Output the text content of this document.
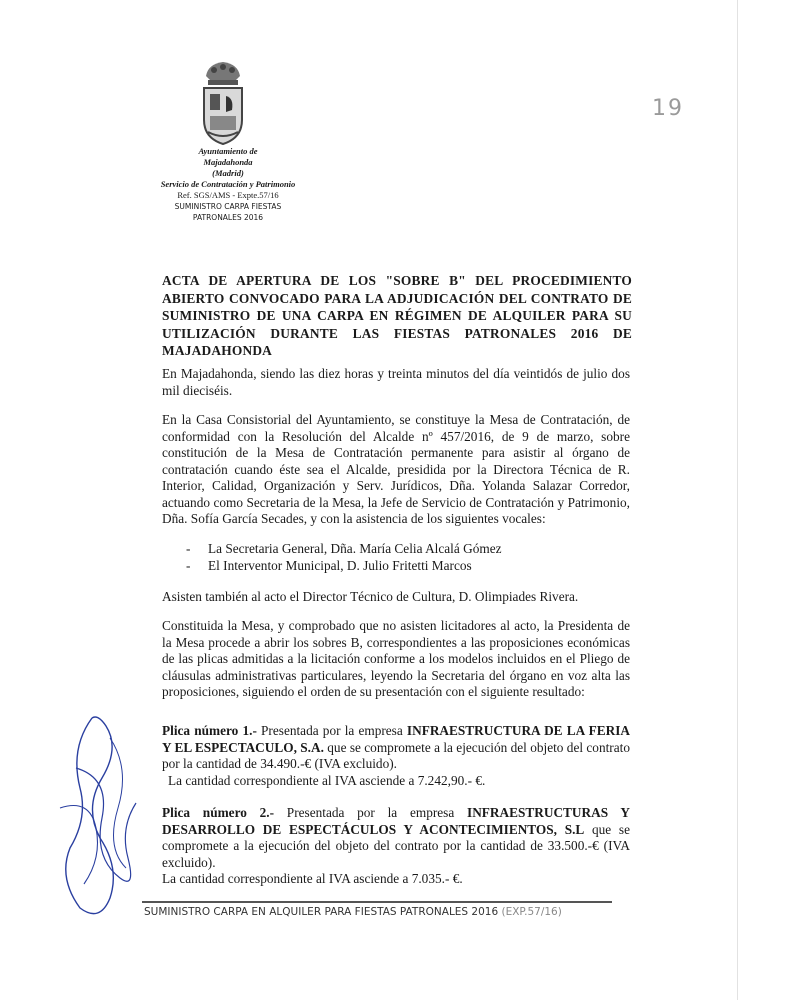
19
Ayuntamiento de
Majadahonda
(Madrid)
Servicio de Contratación y Patrimonio
Ref. SGS/AMS - Expte.57/16
SUMINISTRO CARPA FIESTAS
PATRONALES 2016
ACTA DE APERTURA DE LOS "SOBRE B" DEL PROCEDIMIENTO ABIERTO CONVOCADO PARA LA ADJUDICACIÓN DEL CONTRATO DE SUMINISTRO DE UNA CARPA EN RÉGIMEN DE ALQUILER PARA SU UTILIZACIÓN DURANTE LAS FIESTAS PATRONALES 2016 DE MAJADAHONDA
En Majadahonda, siendo las diez horas y treinta minutos del día veintidós de julio dos mil dieciséis.
En la Casa Consistorial del Ayuntamiento, se constituye la Mesa de Contratación, de conformidad con la Resolución del Alcalde nº 457/2016, de 9 de marzo, sobre constitución de la Mesa de Contratación permanente para asistir al órgano de contratación cuando éste sea el Alcalde, presidida por la Directora Técnica de R. Interior, Calidad, Organización y Serv. Jurídicos, Dña. Yolanda Salazar Corredor, actuando como Secretaria de la Mesa, la Jefe de Servicio de Contratación y Patrimonio, Dña. Sofía García Secades, y con la asistencia de los siguientes vocales:
- La Secretaria General, Dña. María Celia Alcalá Gómez
- El Interventor Municipal, D. Julio Fritetti Marcos
Asisten también al acto el Director Técnico de Cultura, D. Olimpiades Rivera.
Constituida la Mesa, y comprobado que no asisten licitadores al acto, la Presidenta de la Mesa procede a abrir los sobres B, correspondientes a las proposiciones económicas de las plicas admitidas a la licitación conforme a los modelos incluidos en el Pliego de cláusulas administrativas particulares, leyendo la Secretaria del órgano en voz alta las proposiciones, siguiendo el orden de su presentación con el siguiente resultado:
Plica número 1.- Presentada por la empresa INFRAESTRUCTURA DE LA FERIA Y EL ESPECTACULO, S.A. que se compromete a la ejecución del objeto del contrato por la cantidad de 34.490.-€ (IVA excluido).
La cantidad correspondiente al IVA asciende a 7.242,90.- €.
Plica número 2.- Presentada por la empresa INFRAESTRUCTURAS Y DESARROLLO DE ESPECTÁCULOS Y ACONTECIMIENTOS, S.L que se compromete a la ejecución del objeto del contrato por la cantidad de 33.500.-€ (IVA excluido).
La cantidad correspondiente al IVA asciende a 7.035.- €.
SUMINISTRO CARPA EN ALQUILER PARA FIESTAS PATRONALES 2016 (EXP.57/16)
